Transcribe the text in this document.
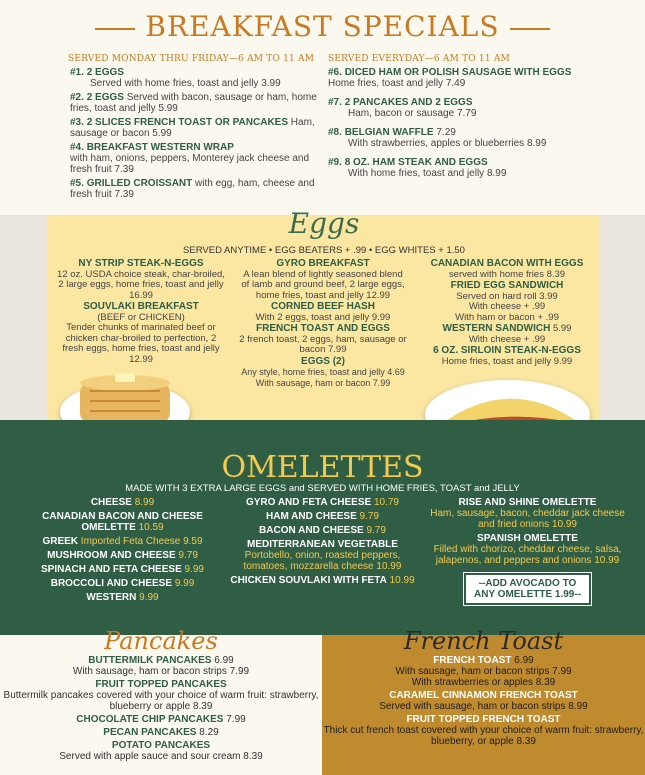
BREAKFAST SPECIALS
SERVED MONDAY THRU FRIDAY—6 AM TO 11 AM SERVED EVERYDAY—6 AM TO 11 AM
#1. 2 EGGS
Served with home fries, toast and jelly 3.99
#2. 2 EGGS Served with bacon, sausage or ham, home fries, toast and jelly 5.99
#3. 2 SLICES FRENCH TOAST OR PANCAKES Ham, sausage or bacon 5.99
#4. BREAKFAST WESTERN WRAP
with ham, onions, peppers, Monterey jack cheese and fresh fruit 7.39
#5. GRILLED CROISSANT with egg, ham, cheese and fresh fruit 7.39
#6. DICED HAM OR POLISH SAUSAGE WITH EGGS Home fries, toast and jelly 7.49
#7. 2 PANCAKES AND 2 EGGS
Ham, bacon or sausage 7.79
#8. BELGIAN WAFFLE 7.29
With strawberries, apples or blueberries 8.99
#9. 8 OZ. HAM STEAK AND EGGS
With home fries, toast and jelly 8.99
Eggs
SERVED ANYTIME • EGG BEATERS + .99 • EGG WHITES + 1.50
NY STRIP STEAK-N-EGGS
12 oz. USDA choice steak, char-broiled, 2 large eggs, home fries, toast and jelly 16.99
SOUVLAKI BREAKFAST
(BEEF or CHICKEN)
Tender chunks of marinated beef or chicken char-broiled to perfection, 2 fresh eggs, home fries, toast and jelly 12.99
GYRO BREAKFAST
A lean blend of lightly seasoned blend of lamb and ground beef, 2 large eggs, home fries, toast and jelly 12.99
CORNED BEEF HASH
With 2 eggs, toast and jelly 9.99
FRENCH TOAST AND EGGS
2 french toast, 2 eggs, ham, sausage or bacon 7.99
EGGS (2)
Any style, home fries, toast and jelly 4.69
With sausage, ham or bacon 7.99
CANADIAN BACON WITH EGGS
served with home fries 8.39
FRIED EGG SANDWICH
Served on hard roll 3.99
With cheese + .99
With ham or bacon + .99
WESTERN SANDWICH 5.99
With cheese + .99
6 OZ. SIRLOIN STEAK-N-EGGS
Home fries, toast and jelly 9.99
OMELETTES
MADE WITH 3 EXTRA LARGE EGGS and SERVED WITH HOME FRIES, TOAST and JELLY
CHEESE 8.99
CANADIAN BACON AND CHEESE OMELETTE 10.59
GREEK Imported Feta Cheese 9.59
MUSHROOM AND CHEESE 9.79
SPINACH AND FETA CHEESE 9.99
BROCCOLI AND CHEESE 9.99
WESTERN 9.99
GYRO AND FETA CHEESE 10.79
HAM AND CHEESE 9.79
BACON AND CHEESE 9.79
MEDITERRANEAN VEGETABLE
Portobello, onion, roasted peppers, tomatoes, mozzarella cheese 10.99
CHICKEN SOUVLAKI WITH FETA 10.99
RISE AND SHINE OMELETTE
Ham, sausage, bacon, cheddar jack cheese and fried onions 10.99
SPANISH OMELETTE
Filled with chorizo, cheddar cheese, salsa, jalapenos, and peppers and onions 10.99
--ADD AVOCADO TO
ANY OMELETTE 1.99--
Pancakes
BUTTERMILK PANCAKES 6.99
With sausage, ham or bacon strips 7.99
FRUIT TOPPED PANCAKES
Buttermilk pancakes covered with your choice of warm fruit: strawberry, blueberry or apple 8.39
CHOCOLATE CHIP PANCAKES 7.99
PECAN PANCAKES 8.29
POTATO PANCAKES
Served with apple sauce and sour cream 8.39
French Toast
FRENCH TOAST 6.99
With sausage, ham or bacon strips 7.99
With strawberries or apples 8.39
CARAMEL CINNAMON FRENCH TOAST
Served with sausage, ham or bacon strips 8.99
FRUIT TOPPED FRENCH TOAST
Thick cut french toast covered with your choice of warm fruit: strawberry, blueberry, or apple 8.39
